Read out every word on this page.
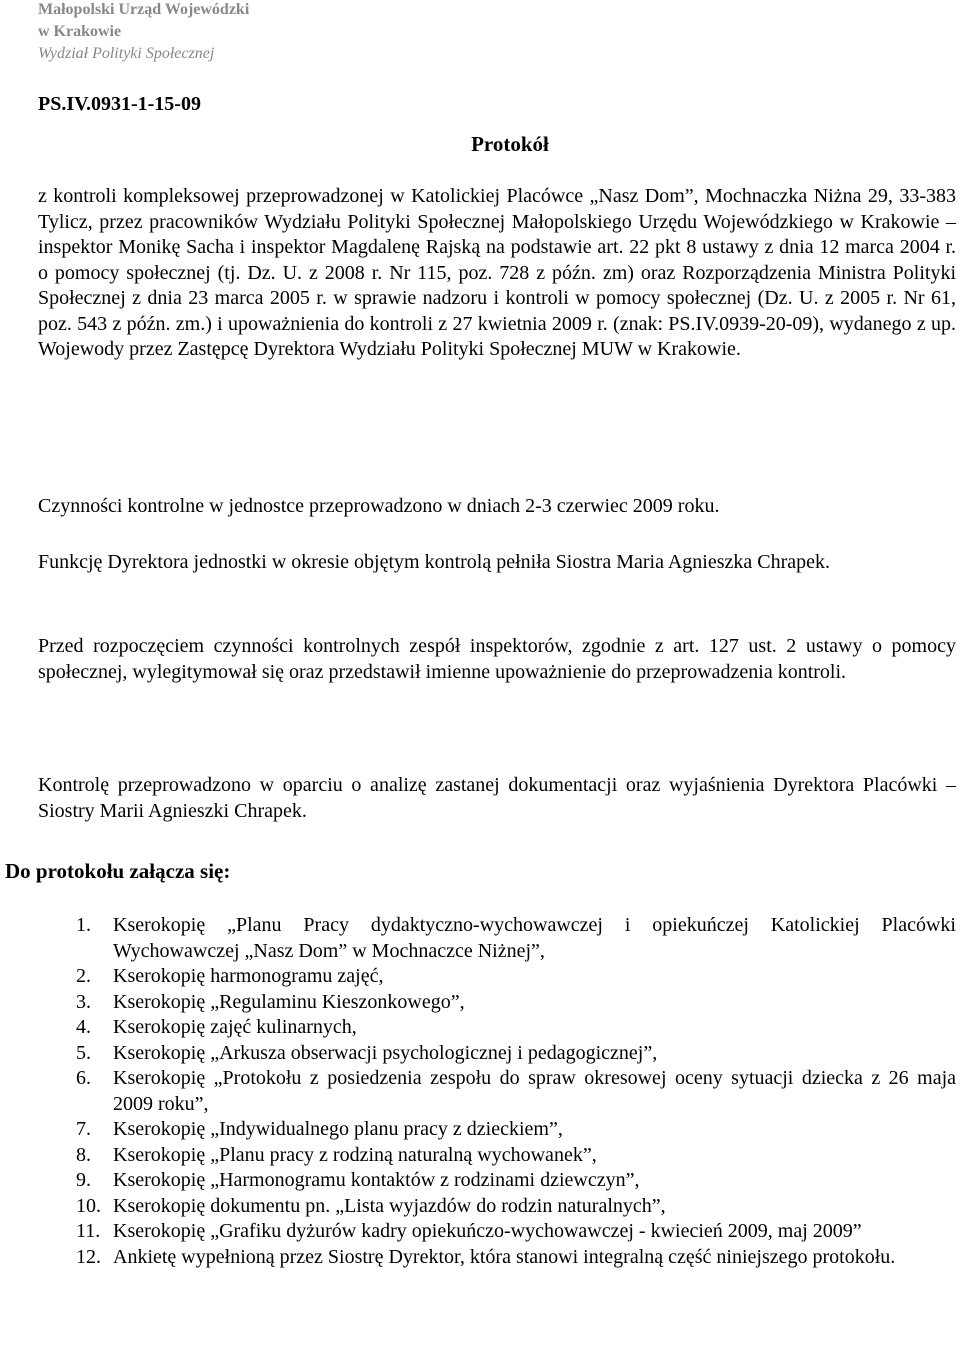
Małopolski Urząd Wojewódzki
w Krakowie
Wydział Polityki Społecznej
PS.IV.0931-1-15-09
Protokół

z kontroli kompleksowej przeprowadzonej w Katolickiej Placówce „Nasz Dom”, Mochnaczka Niżna 29, 33-383 Tylicz, przez pracowników Wydziału Polityki Społecznej Małopolskiego Urzędu Wojewódzkiego w Krakowie – inspektor Monikę Sacha i inspektor Magdalenę Rajską na podstawie art. 22 pkt 8 ustawy z dnia 12 marca 2004 r. o pomocy społecznej (tj. Dz. U. z 2008 r. Nr 115, poz. 728 z późn. zm) oraz Rozporządzenia Ministra Polityki Społecznej z dnia 23 marca 2005 r. w sprawie nadzoru i kontroli w pomocy społecznej (Dz. U. z 2005 r. Nr 61, poz. 543 z późn. zm.) i upoważnienia do kontroli z 27 kwietnia 2009 r. (znak: PS.IV.0939-20-09), wydanego z up. Wojewody przez Zastępcę Dyrektora Wydziału Polityki Społecznej MUW w Krakowie.

Czynności kontrolne w jednostce przeprowadzono w dniach 2-3 czerwiec 2009 roku.

Funkcję Dyrektora jednostki w okresie objętym kontrolą pełniła Siostra Maria Agnieszka Chrapek.

Przed rozpoczęciem czynności kontrolnych zespół inspektorów, zgodnie z art. 127 ust. 2 ustawy o pomocy społecznej, wylegitymował się oraz przedstawił imienne upoważnienie do przeprowadzenia kontroli.

Kontrolę przeprowadzono w oparciu o analizę zastanej dokumentacji oraz wyjaśnienia Dyrektora Placówki – Siostry Marii Agnieszki Chrapek.

Do protokołu załącza się:
1.	Kserokopię „Planu Pracy dydaktyczno-wychowawczej i opiekuńczej Katolickiej Placówki Wychowawczej „Nasz Dom” w Mochnaczce Niżnej”,
2.	Kserokopię harmonogramu zajęć,
3.	Kserokopię „Regulaminu Kieszonkowego”,
4.	Kserokopię zajęć kulinarnych,
5.	Kserokopię „Arkusza obserwacji psychologicznej i pedagogicznej”,
6.	Kserokopię „Protokołu z posiedzenia zespołu do spraw okresowej oceny sytuacji dziecka z 26 maja 2009 roku”,
7.	Kserokopię „Indywidualnego planu pracy z dzieckiem”,
8.	Kserokopię „Planu pracy z rodziną naturalną wychowanek”,
9.	Kserokopię „Harmonogramu kontaktów z rodzinami dziewczyn”,
10. Kserokopię dokumentu pn. „Lista wyjazdów do rodzin naturalnych”,
11. Kserokopię „Grafiku dyżurów kadry opiekuńczo-wychowawczej - kwiecień 2009, maj 2009”
12. Ankietę wypełnioną przez Siostrę Dyrektor, która stanowi integralną część niniejszego protokołu.
